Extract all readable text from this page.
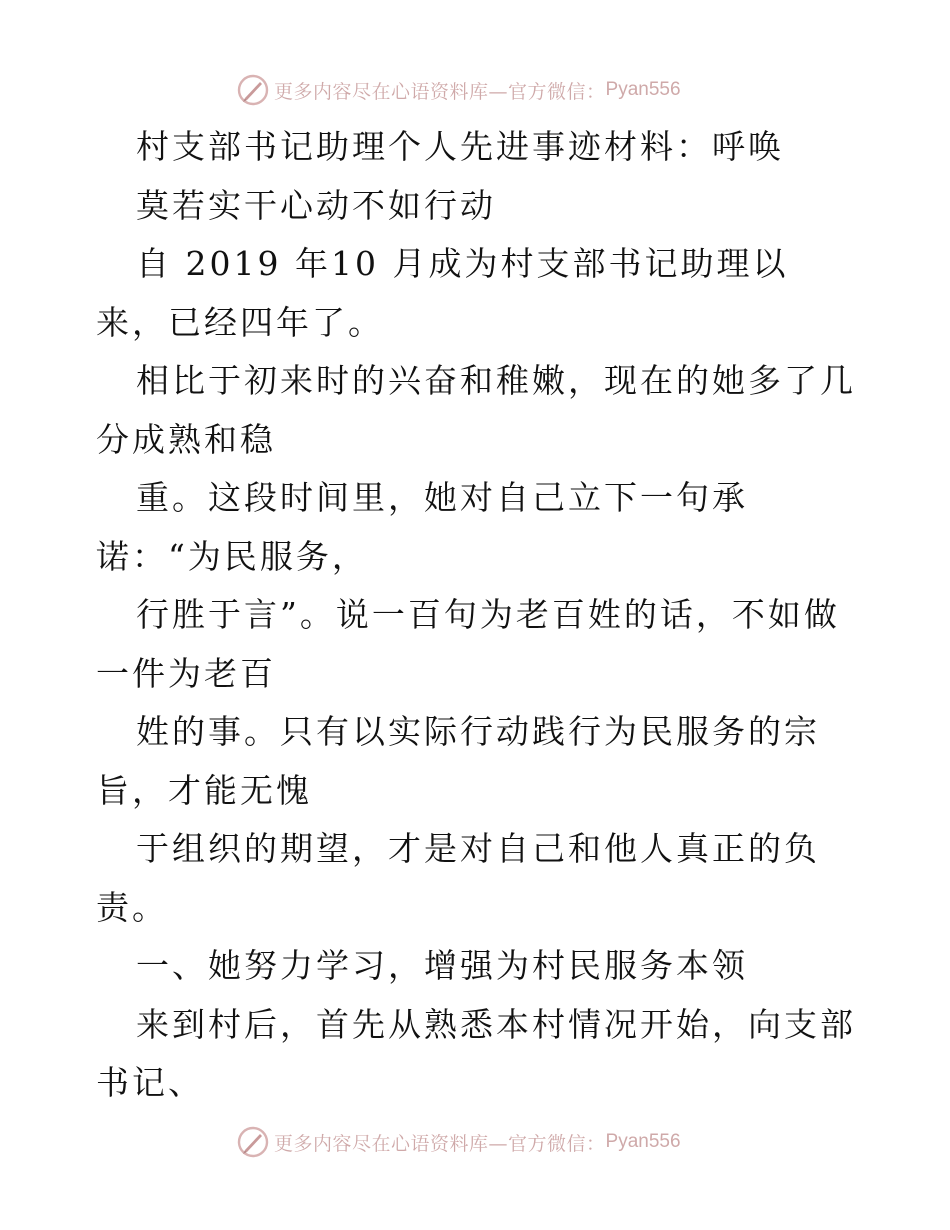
更多内容尽在心语资料库—官方微信： Pyan556

村支部书记助理个人先进事迹材料：呼唤

莫若实干心动不如行动

自 2019 年10 月成为村支部书记助理以来，已经四年了。

相比于初来时的兴奋和稚嫩，现在的她多了几分成熟和稳

重。这段时间里，她对自己立下一句承诺：“为民服务，

行胜于言”。说一百句为老百姓的话，不如做一件为老百

姓的事。只有以实际行动践行为民服务的宗旨，才能无愧

于组织的期望，才是对自己和他人真正的负责。

一、她努力学习，增强为村民服务本领

来到村后，首先从熟悉本村情况开始，向支部书记、

更多内容尽在心语资料库—官方微信： Pyan556
